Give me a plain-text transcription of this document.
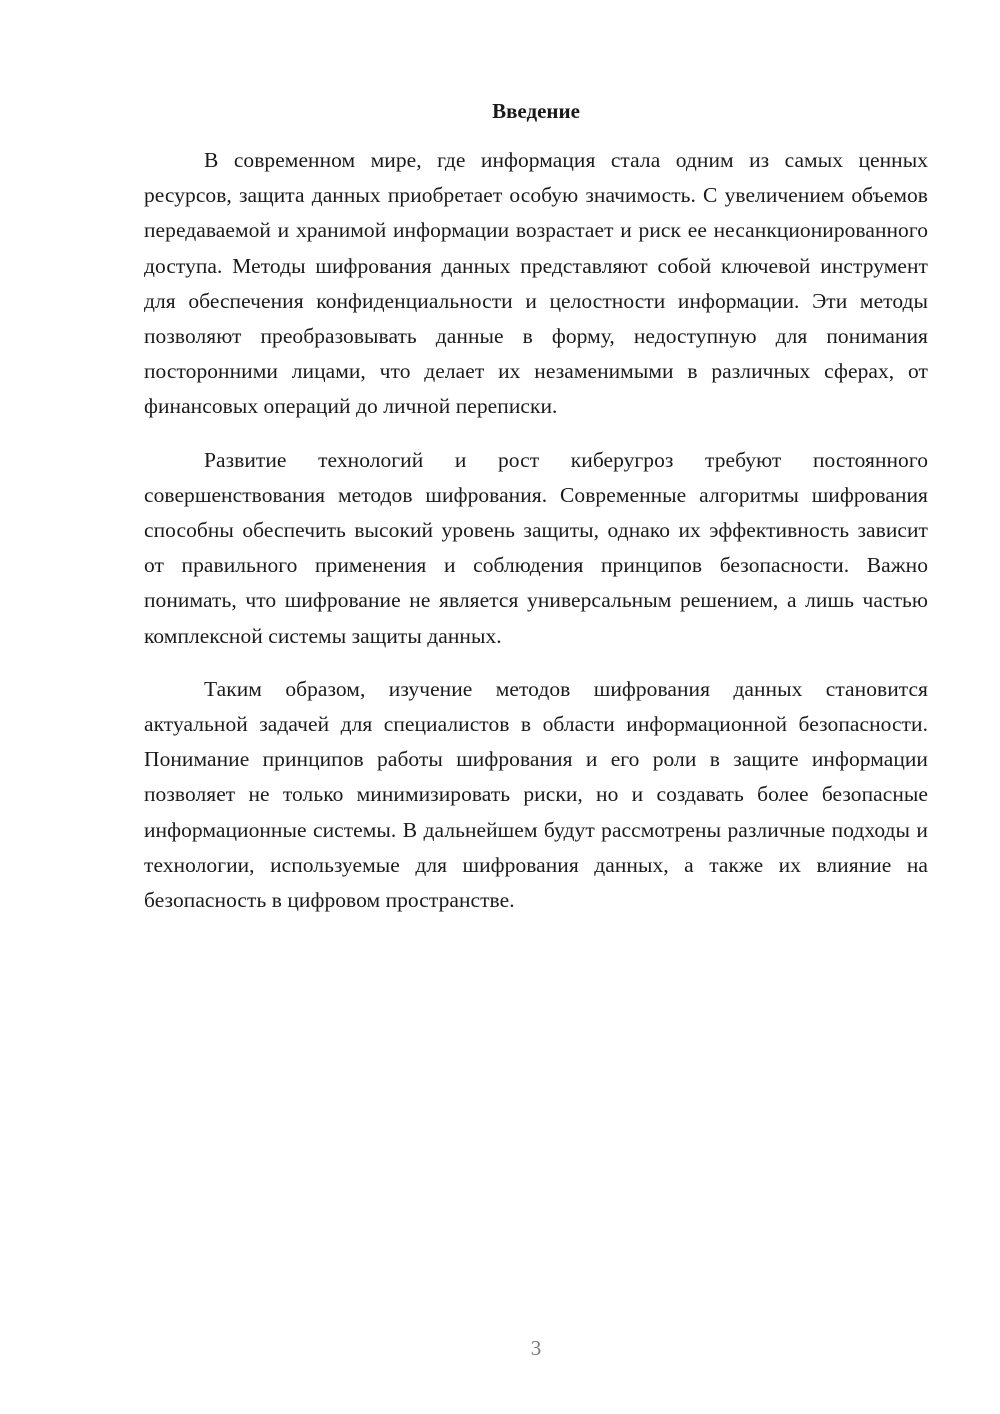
Введение

В современном мире, где информация стала одним из самых ценных ресурсов, защита данных приобретает особую значимость. С увеличением объемов передаваемой и хранимой информации возрастает и риск ее несанкционированного доступа. Методы шифрования данных представляют собой ключевой инструмент для обеспечения конфиденциальности и целостности информации. Эти методы позволяют преобразовывать данные в форму, недоступную для понимания посторонними лицами, что делает их незаменимыми в различных сферах, от финансовых операций до личной переписки.

Развитие технологий и рост киберугроз требуют постоянного совершенствования методов шифрования. Современные алгоритмы шифрования способны обеспечить высокий уровень защиты, однако их эффективность зависит от правильного применения и соблюдения принципов безопасности. Важно понимать, что шифрование не является универсальным решением, а лишь частью комплексной системы защиты данных.

Таким образом, изучение методов шифрования данных становится актуальной задачей для специалистов в области информационной безопасности. Понимание принципов работы шифрования и его роли в защите информации позволяет не только минимизировать риски, но и создавать более безопасные информационные системы. В дальнейшем будут рассмотрены различные подходы и технологии, используемые для шифрования данных, а также их влияние на безопасность в цифровом пространстве.

3
